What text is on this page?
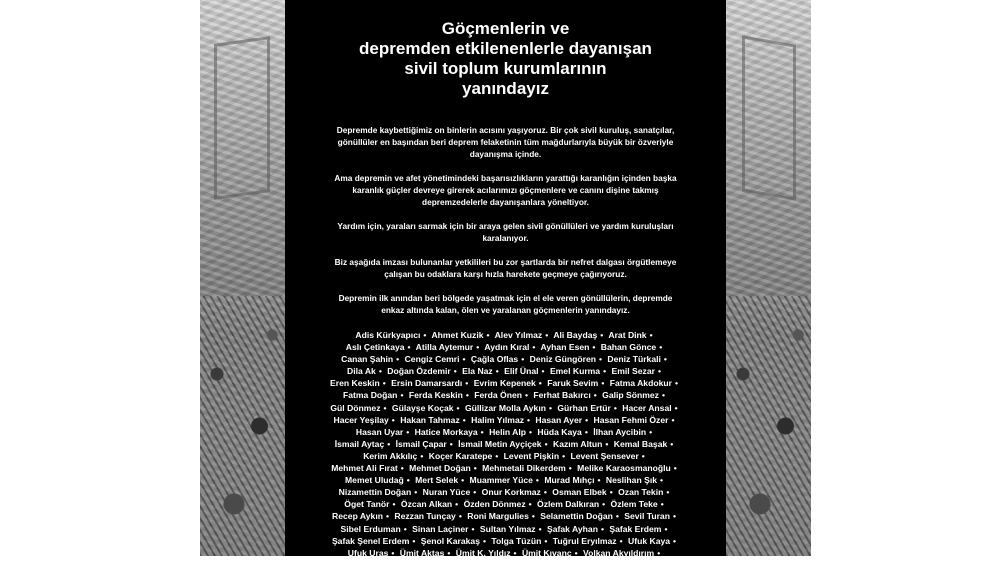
Göçmenlerin ve
depremden etkilenenlerle dayanışan
sivil toplum kurumlarının
yanındayız

Depremde kaybettiğimiz on binlerin acısını yaşıyoruz. Bir çok sivil kuruluş, sanatçılar, gönüllüler en başından beri deprem felaketinin tüm mağdurlarıyla büyük bir özveriyle dayanışma içinde.

Ama depremin ve afet yönetimindeki başarısızlıkların yarattığı karanlığın içinden başka karanlık güçler devreye girerek acılarımızı göçmenlere ve canını dişine takmış depremzedelerle dayanışanlara yöneltiyor.

Yardım için, yaraları sarmak için bir araya gelen sivil gönüllüleri ve yardım kuruluşları karalanıyor.

Biz aşağıda imzası bulunanlar yetkilileri bu zor şartlarda bir nefret dalgası örgütlemeye çalışan bu odaklara karşı hızla harekete geçmeye çağırıyoruz.

Depremin ilk anından beri bölgede yaşatmak için el ele veren gönüllülerin, depremde enkaz altında kalan, ölen ve yaralanan göçmenlerin yanındayız.

Adis Kürkyapıcı • Ahmet Kuzik • Alev Yılmaz • Ali Baydaş • Arat Dink • Aslı Çetinkaya • Atilla Aytemur • Aydın Kıral • Ayhan Esen • Bahan Gönce • Canan Şahin • Cengiz Cemri • Çağla Oflas • Deniz Güngören • Deniz Türkali • Dila Ak • Doğan Özdemir • Ela Naz • Elif Ünal • Emel Kurma • Emil Sezar • Eren Keskin • Ersin Damarsardı • Evrim Kepenek • Faruk Sevim • Fatma Akdokur • Fatma Doğan • Ferda Keskin • Ferda Önen • Ferhat Bakırcı • Galip Sönmez • Gül Dönmez • Gülayşe Koçak • Güllizar Molla Aykın • Gürhan Ertür • Hacer Ansal • Hacer Yeşilay • Hakan Tahmaz • Halim Yılmaz • Hasan Ayer • Hasan Fehmi Özer • Hasan Uyar • Hatice Morkaya • Helin Alp • Hüda Kaya • İlhan Aycibin • İsmail Aytaç • İsmail Çapar • İsmail Metin Ayçiçek • Kazım Altun • Kemal Başak • Kerim Akkılıç • Koçer Karatepe • Levent Pişkin • Levent Şensever • Mehmet Ali Fırat • Mehmet Doğan • Mehmetali Dikerdem • Melike Karaosmanoğlu • Memet Uludağ • Mert Selek • Muammer Yüce • Murad Mıhçı • Neslihan Şık • Nizamettin Doğan • Nuran Yüce • Onur Korkmaz • Osman Elbek • Ozan Tekin • Öget Tanör • Özcan Alkan • Özden Dönmez • Özlem Dalkıran • Özlem Teke • Recep Aykın • Rezzan Tunçay • Roni Margulies • Selamettin Doğan • Sevil Turan • Sibel Erduman • Sinan Laçiner • Sultan Yılmaz • Şafak Ayhan • Şafak Erdem • Şafak Şenel Erdem • Şenol Karakaş • Tolga Tüzün • Tuğrul Eryılmaz • Ufuk Kaya • Ufuk Uras • Ümit Aktaş • Ümit K. Yıldız • Ümit Kıvanç • Volkan Akyıldırım • Yasin Altıntaş • Yetvart Danzikyan • Yıldıray Oğur • Yıldız Önen • Yusuf Özmen • Zeynep Tanbay • Zilan Akbulut
